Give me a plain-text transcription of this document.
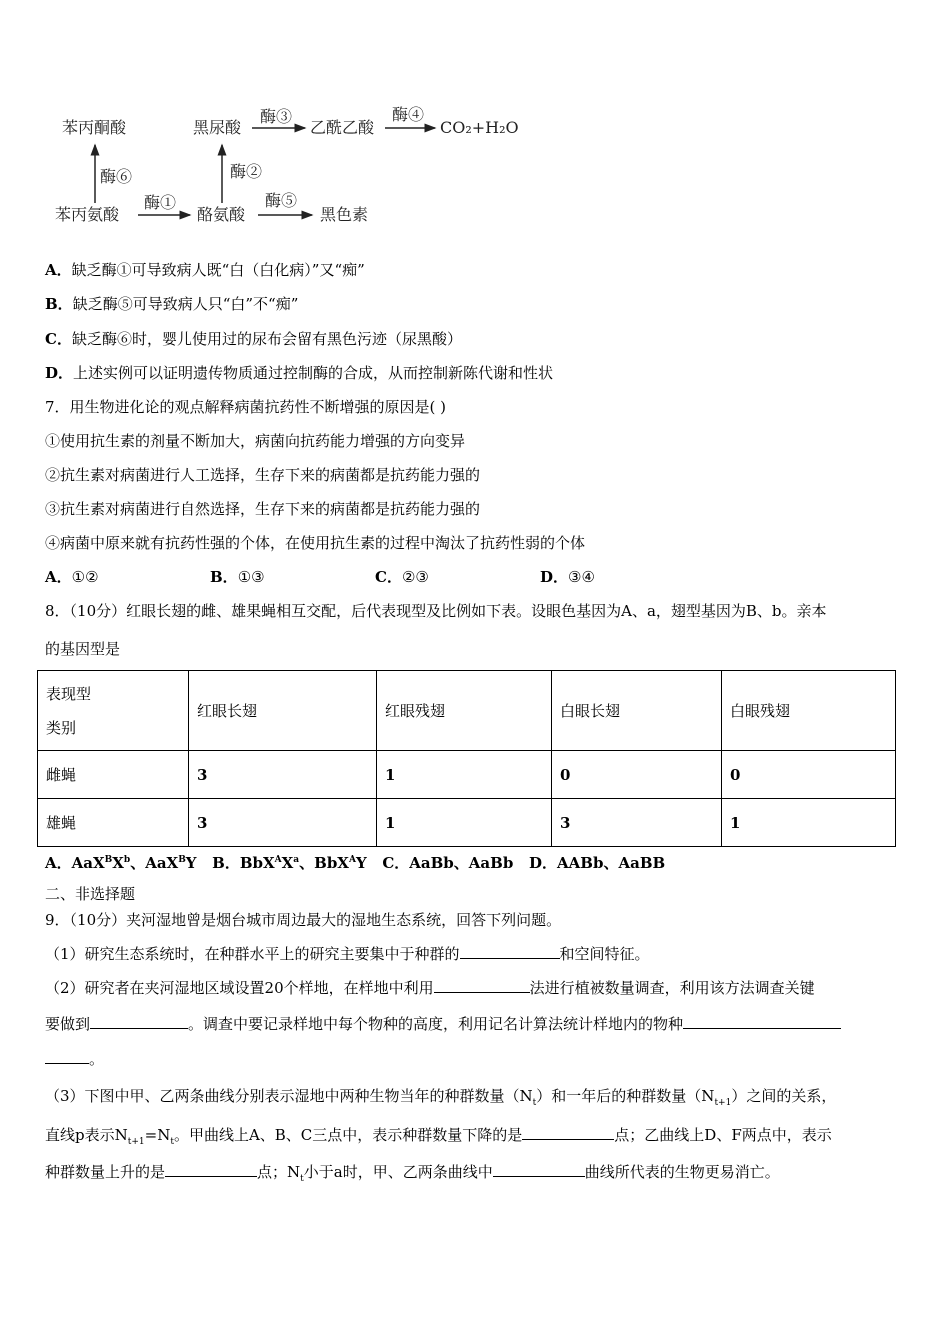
苯丙酮酸	黑尿酸	乙酰乙酸	CO₂+H₂O
苯丙氨酸	酪氨酸	黑色素
酶⑥	酶②
酶①	酶⑤
酶③	酶④
A．缺乏酶①可导致病人既“白（白化病）”又“痴”
B．缺乏酶⑤可导致病人只“白”不“痴”
C．缺乏酶⑥时，婴儿使用过的尿布会留有黑色污迹（尿黑酸）
D．上述实例可以证明遗传物质通过控制酶的合成，从而控制新陈代谢和性状
7．用生物进化论的观点解释病菌抗药性不断增强的原因是( )
①使用抗生素的剂量不断加大，病菌向抗药能力增强的方向变异
②抗生素对病菌进行人工选择，生存下来的病菌都是抗药能力强的
③抗生素对病菌进行自然选择，生存下来的病菌都是抗药能力强的
④病菌中原来就有抗药性强的个体，在使用抗生素的过程中淘汰了抗药性弱的个体
A．①②	B．①③	C．②③	D．③④
8．（10分）红眼长翅的雌、雄果蝇相互交配，后代表现型及比例如下表。设眼色基因为A、a，翅型基因为B、b。亲本
的基因型是
表现型
类别	红眼长翅	红眼残翅	白眼长翅	白眼残翅
雌蝇	3	1	0	0
雄蝇	3	1	3	1
A．$AaX^BX^b$、AaX$^B$Y   B．$BbX^AX^a$、BbX$^A$Y   C．AaBb、AaBb D．AABb、AaBB
二、非选择题
9．（10分）夹河湿地曾是烟台城市周边最大的湿地生态系统，回答下列问题。
（1）研究生态系统时，在种群水平上的研究主要集中于种群的	和空间特征。
（2）研究者在夹河湿地区域设置20个样地，在样地中利用	法进行植被数量调查，利用该方法调查关键
要做到	。调查中要记录样地中每个物种的高度，利用记名计算法统计样地内的物种
。
（3）下图中甲、乙两条曲线分别表示湿地中两种生物当年的种群数量$(N_t)$和一年后的种群数量$(N_{t+1})$之间的关系，
直线p表示$N_{t+1}=N_t$。甲曲线上A、B、C三点中，表示种群数量下降的是	点；乙曲线上D、F两点中，表示
种群数量上升的是	点；$N_t$小于a时，甲、乙两条曲线中	曲线所代表的生物更易消亡。
